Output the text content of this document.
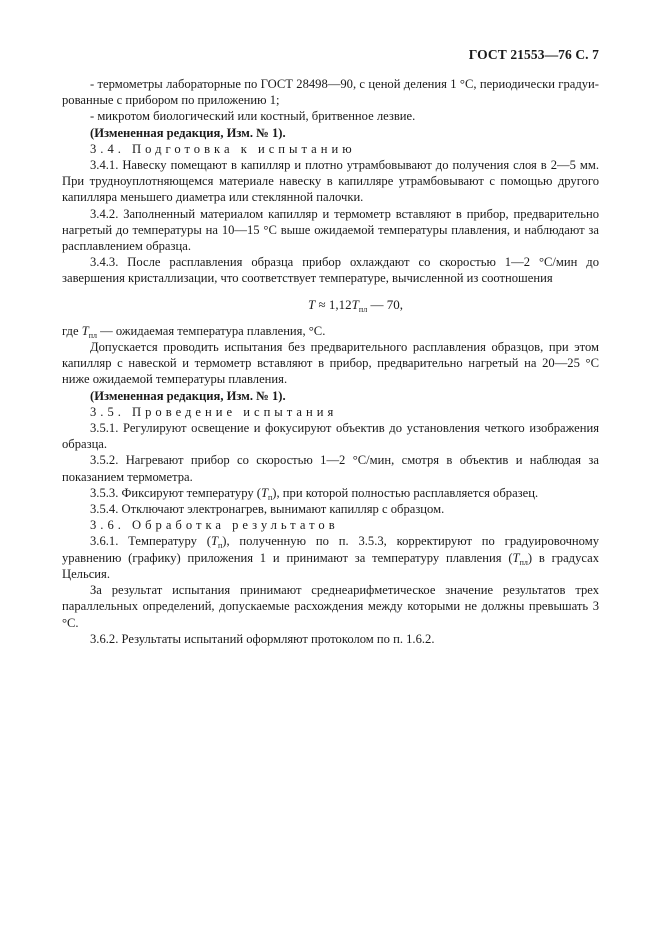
ГОСТ 21553—76 С. 7

- термометры лабораторные по ГОСТ 28498—90, с ценой деления 1 °С, периодически градуи-

рованные с прибором по приложению 1;

- микротом биологический или костный, бритвенное лезвие.

(Измененная редакция, Изм. № 1).

3.4. Подготовка к испытанию

3.4.1. Навеску помещают в капилляр и плотно утрамбовывают до получения слоя в 2—5 мм. При трудноуплотняющемся материале навеску в капилляре утрамбовывают с помощью другого капилляра меньшего диаметра или стеклянной палочки.

3.4.2. Заполненный материалом капилляр и термометр вставляют в прибор, предварительно нагретый до температуры на 10—15 °С выше ожидаемой температуры плавления, и наблюдают за расплавлением образца.

3.4.3. После расплавления образца прибор охлаждают со скоростью 1—2 °С/мин до завершения кристаллизации, что соответствует температуре, вычисленной из соотношения

$T \approx 1,12T_{пл}$ — 70,

где $T_{пл}$ — ожидаемая температура плавления, °С.

Допускается проводить испытания без предварительного расплавления образцов, при этом капилляр с навеской и термометр вставляют в прибор, предварительно нагретый на 20—25 °С ниже ожидаемой температуры плавления.

(Измененная редакция, Изм. № 1).

3.5. Проведение испытания

3.5.1. Регулируют освещение и фокусируют объектив до установления четкого изображения образца.

3.5.2. Нагревают прибор со скоростью 1—2 °С/мин, смотря в объектив и наблюдая за показанием термометра.

3.5.3. Фиксируют температуру $(T_п)$, при которой полностью расплавляется образец.

3.5.4. Отключают электронагрев, вынимают капилляр с образцом.

3.6. Обработка результатов

3.6.1. Температуру $(T_п)$, полученную по п. 3.5.3, корректируют по градуировочному уравнению (графику) приложения 1 и принимают за температуру плавления $(T_{пл})$ в градусах Цельсия.

За результат испытания принимают среднеарифметическое значение результатов трех параллельных определений, допускаемые расхождения между которыми не должны превышать 3 °С.

3.6.2. Результаты испытаний оформляют протоколом по п. 1.6.2.
